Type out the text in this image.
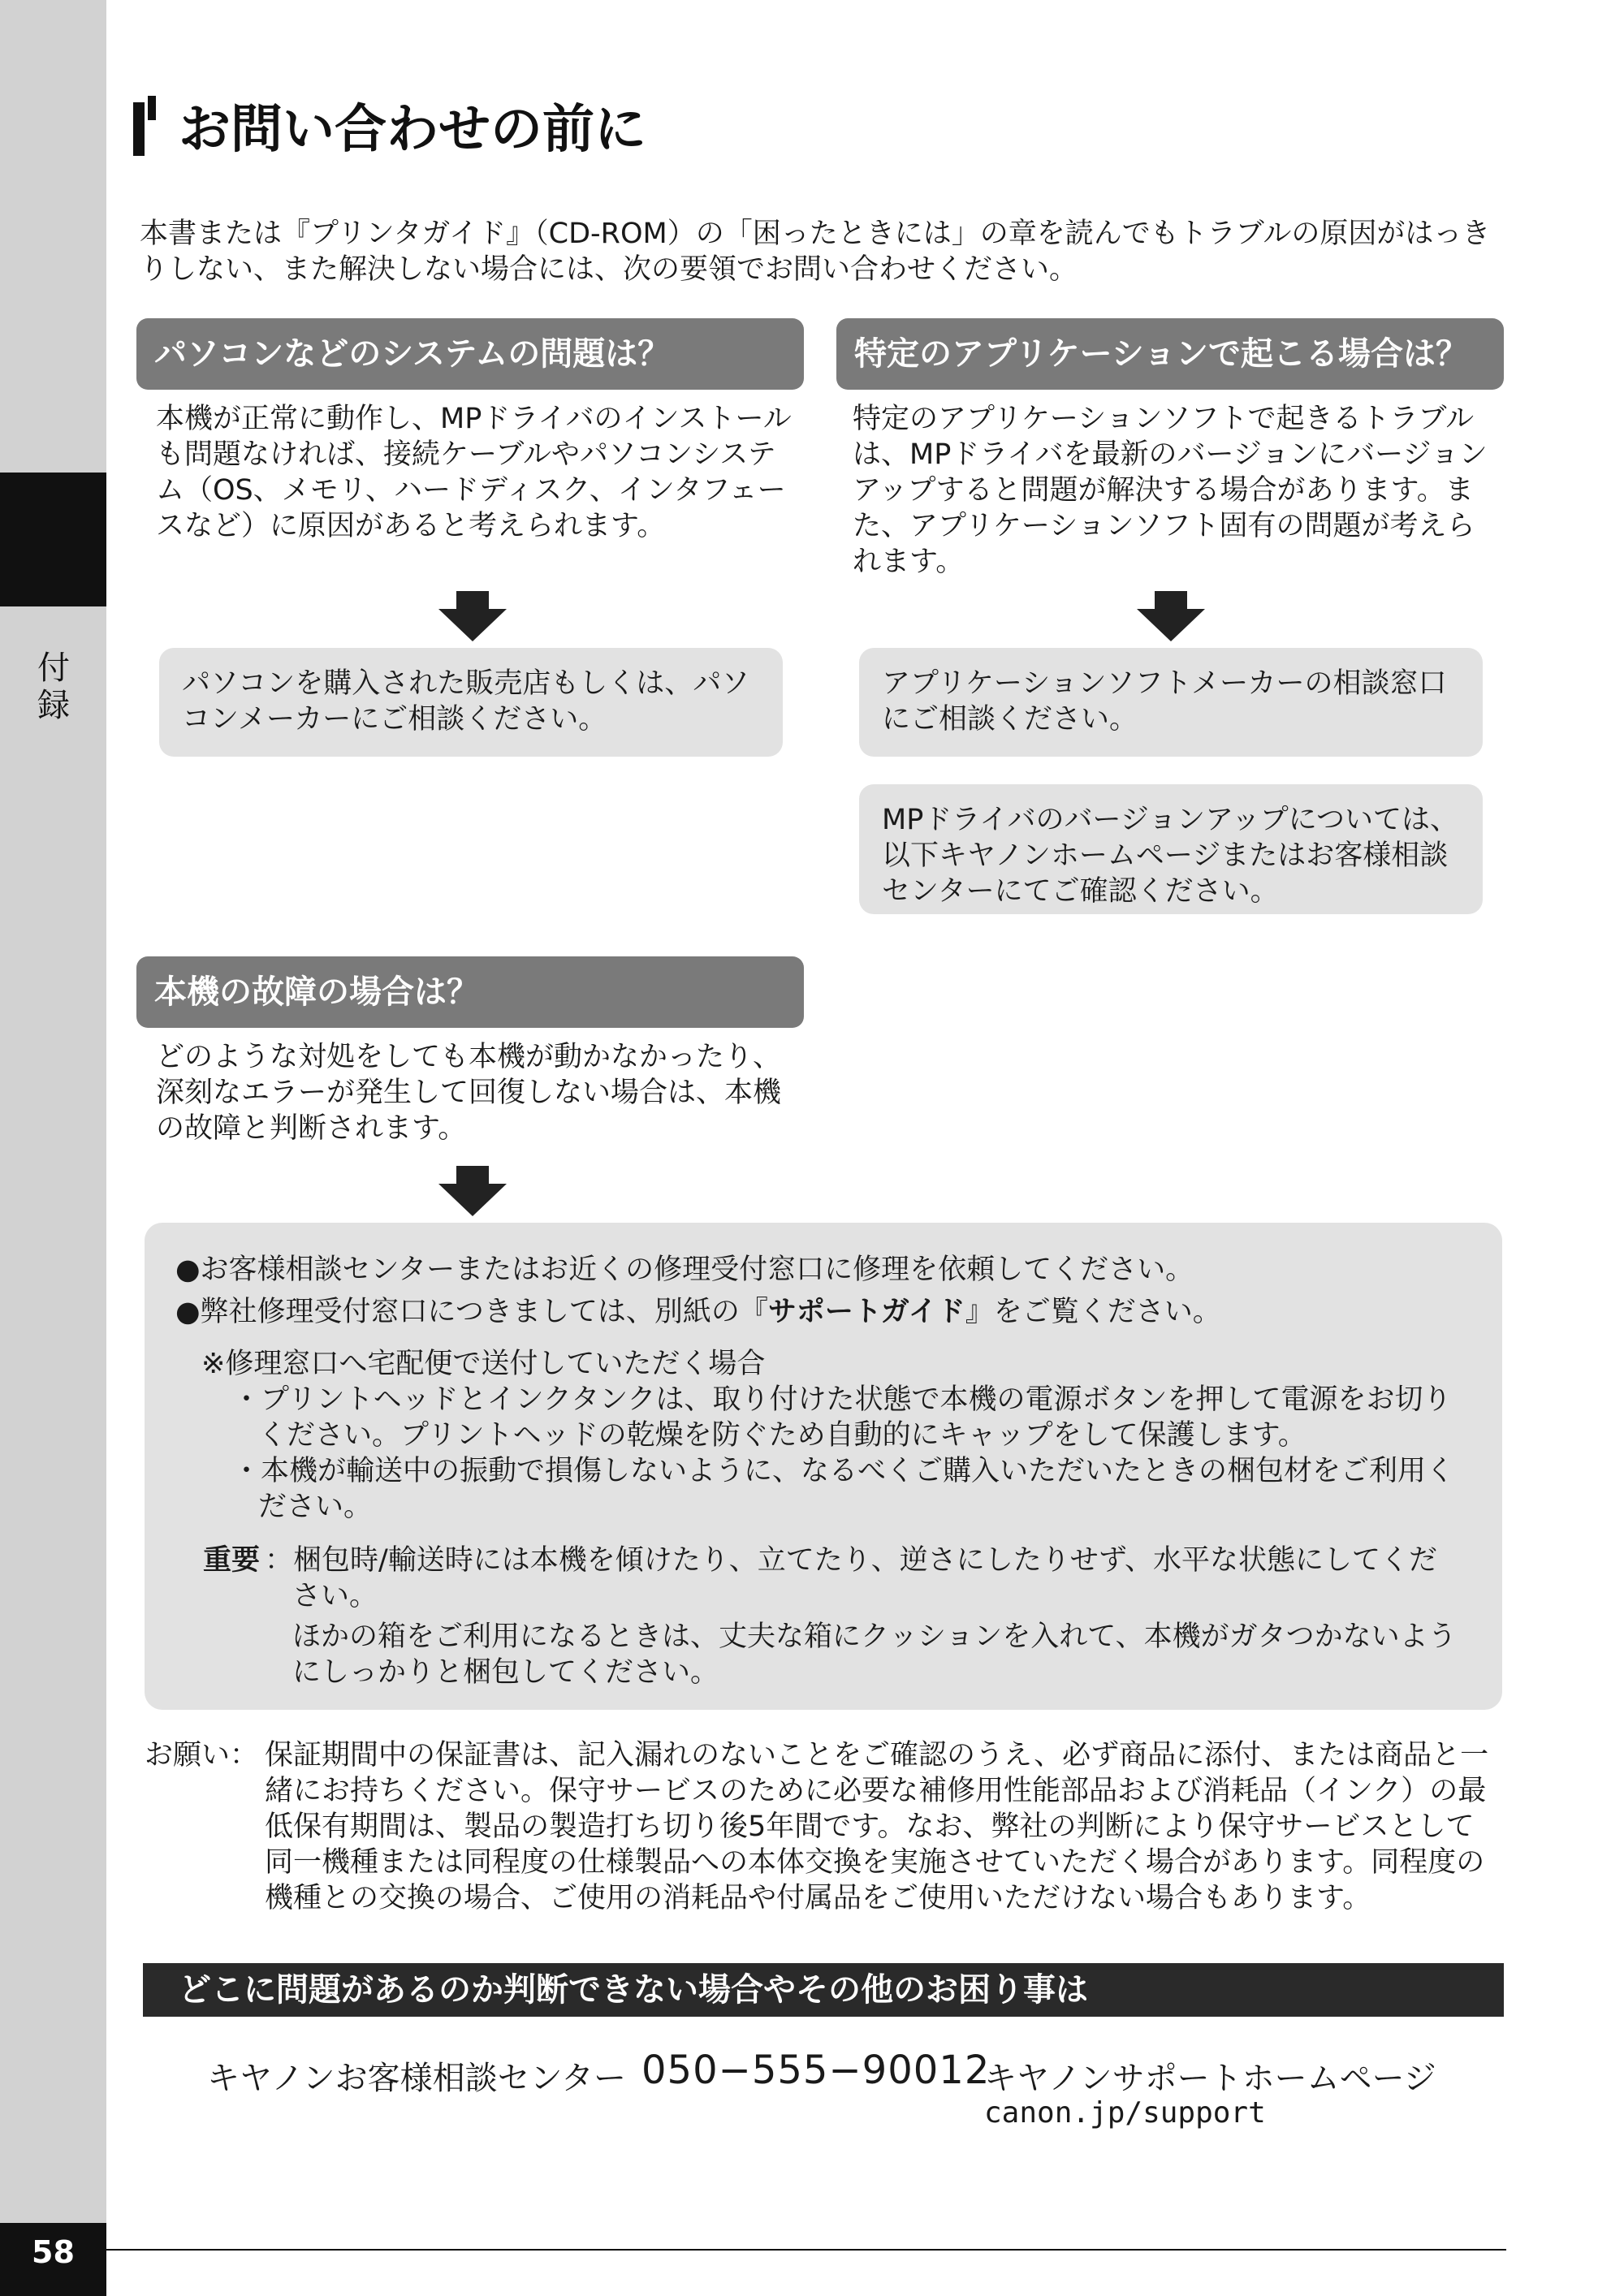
付録
58
お問い合わせの前に
本書または『プリンタガイド』（CD-ROM）の「困ったときには」の章を読んでもトラブルの原因がはっきりしない、また解決しない場合には、次の要領でお問い合わせください。
パソコンなどのシステムの問題は？
本機が正常に動作し、MPドライバのインストールも問題なければ、接続ケーブルやパソコンシステム（OS、メモリ、ハードディスク、インタフェースなど）に原因があると考えられます。
パソコンを購入された販売店もしくは、パソコンメーカーにご相談ください。
特定のアプリケーションで起こる場合は？
特定のアプリケーションソフトで起きるトラブルは、MPドライバを最新のバージョンにバージョンアップすると問題が解決する場合があります。また、アプリケーションソフト固有の問題が考えられます。
アプリケーションソフトメーカーの相談窓口にご相談ください。
MPドライバのバージョンアップについては、以下キヤノンホームページまたはお客様相談センターにてご確認ください。
本機の故障の場合は？
どのような対処をしても本機が動かなかったり、深刻なエラーが発生して回復しない場合は、本機の故障と判断されます。
●お客様相談センターまたはお近くの修理受付窓口に修理を依頼してください。
●弊社修理受付窓口につきましては、別紙の『サポートガイド』をご覧ください。
※修理窓口へ宅配便で送付していただく場合
・プリントヘッドとインクタンクは、取り付けた状態で本機の電源ボタンを押して電源をお切り
ください。プリントヘッドの乾燥を防ぐため自動的にキャップをして保護します。
・本機が輸送中の振動で損傷しないように、なるべくご購入いただいたときの梱包材をご利用く
ださい。
重要 ：梱包時/輸送時には本機を傾けたり、立てたり、逆さにしたりせず、水平な状態にしてくだ
さい。
ほかの箱をご利用になるときは、丈夫な箱にクッションを入れて、本機がガタつかないよう
にしっかりと梱包してください。
お願い： 保証期間中の保証書は、記入漏れのないことをご確認のうえ、必ず商品に添付、または商品と一緒にお持ちください。保守サービスのために必要な補修用性能部品および消耗品（インク）の最低保有期間は、製品の製造打ち切り後5年間です。なお、弊社の判断により保守サービスとして同一機種または同程度の仕様製品への本体交換を実施させていただく場合があります。同程度の機種との交換の場合、ご使用の消耗品や付属品をご使用いただけない場合もあります。
どこに問題があるのか判断できない場合やその他のお困り事は
キヤノンお客様相談センター 050−555−90012
キヤノンサポートホームページ
canon.jp/support
